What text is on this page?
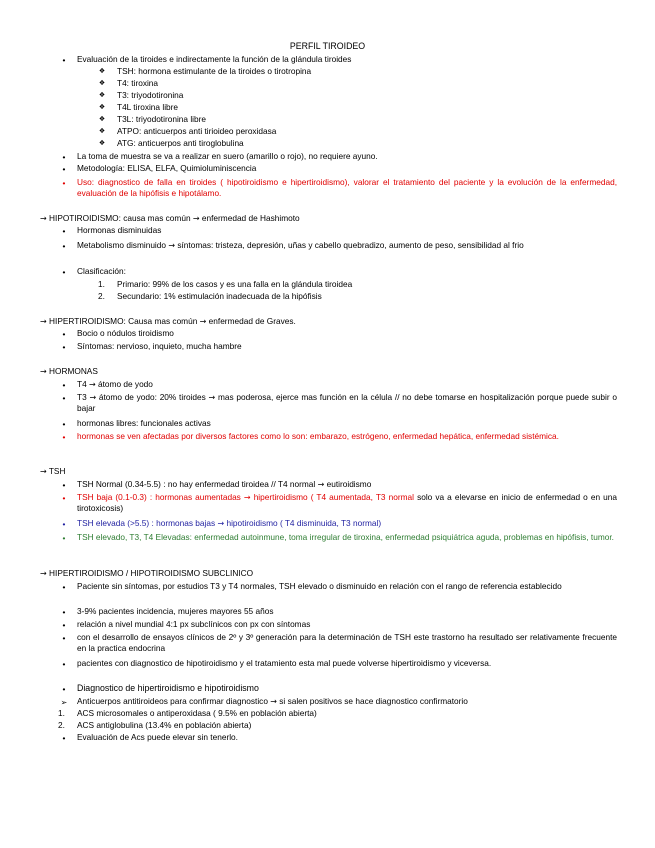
PERFIL TIROIDEO
•	Evaluación de la tiroides e indirectamente la función de la glándula tiroides
❖ TSH: hormona estimulante de la tiroides o tirotropina
❖ T4: tiroxina
❖ T3: triyodotironina
❖ T4L tiroxina libre
❖ T3L: triyodotironina libre
❖ ATPO: anticuerpos anti tirioideo peroxidasa
❖ ATG: anticuerpos anti tiroglobulina
•	La toma de muestra se va a realizar en suero (amarillo o rojo), no requiere ayuno.
•	Metodología: ELISA, ELFA, Quimioluminiscencia
•	Uso: diagnostico de falla en tiroides ( hipotiroidismo e hipertiroidismo), valorar el tratamiento del paciente y la evolución de la enfermedad, evaluación de la hipófisis e hipotálamo.
→ HIPOTIROIDISMO: causa mas común → enfermedad de Hashimoto
•	Hormonas disminuidas
•	Metabolismo disminuido → síntomas: tristeza, depresión, uñas y cabello quebradizo, aumento de peso, sensibilidad al frio
•	Clasificación:
1. Primario: 99% de los casos y es una falla en la glándula tiroidea
2. Secundario: 1% estimulación inadecuada de la hipófisis
→ HIPERTIROIDISMO: Causa mas común → enfermedad de Graves.
•	Bocio o nódulos tiroidismo
•	Síntomas: nervioso, inquieto, mucha hambre
→ HORMONAS
•	T4 → átomo de yodo
•	T3 → átomo de yodo: 20% tiroides → mas poderosa, ejerce mas función en la célula // no debe tomarse en hospitalización porque puede subir o bajar
•	hormonas libres: funcionales activas
•	hormonas se ven afectadas por diversos factores como lo son: embarazo, estrógeno, enfermedad hepática, enfermedad sistémica.
→ TSH
•	TSH Normal (0.34-5.5) : no hay enfermedad tiroidea // T4 normal → eutiroidismo
•	TSH baja (0.1-0.3) : hormonas aumentadas → hipertiroidismo ( T4 aumentada, T3 normal solo va a elevarse en inicio de enfermedad o en una tirotoxicosis)
•	TSH elevada (>5.5) : hormonas bajas → hipotiroidismo ( T4 disminuida, T3 normal)
•	TSH elevado, T3, T4 Elevadas: enfermedad autoinmune, toma irregular de tiroxina, enfermedad psiquiátrica aguda, problemas en hipófisis, tumor.
→ HIPERTIROIDISMO / HIPOTIROIDISMO SUBCLINICO
•	Paciente sin síntomas, por estudios T3 y T4 normales, TSH elevado o disminuido en relación con el rango de referencia establecido
•	3-9% pacientes incidencia, mujeres mayores 55 años
•	relación a nivel mundial 4:1 px subclínicos con px con síntomas
•	con el desarrollo de ensayos clínicos de 2º y 3º generación para la determinación de TSH este trastorno ha resultado ser relativamente frecuente en la practica endocrina
•	pacientes con diagnostico de hipotiroidismo y el tratamiento esta mal puede volverse hipertiroidismo y viceversa.
• Diagnostico de hipertiroidismo e hipotiroidismo
➢ Anticuerpos antitiroideos para confirmar diagnostico → si salen positivos se hace diagnostico confirmatorio
1. ACS microsomales o antiperoxidasa ( 9.5% en población abierta)
2. ACS antiglobulina (13.4% en población abierta)
•	Evaluación de Acs puede elevar sin tenerlo.
